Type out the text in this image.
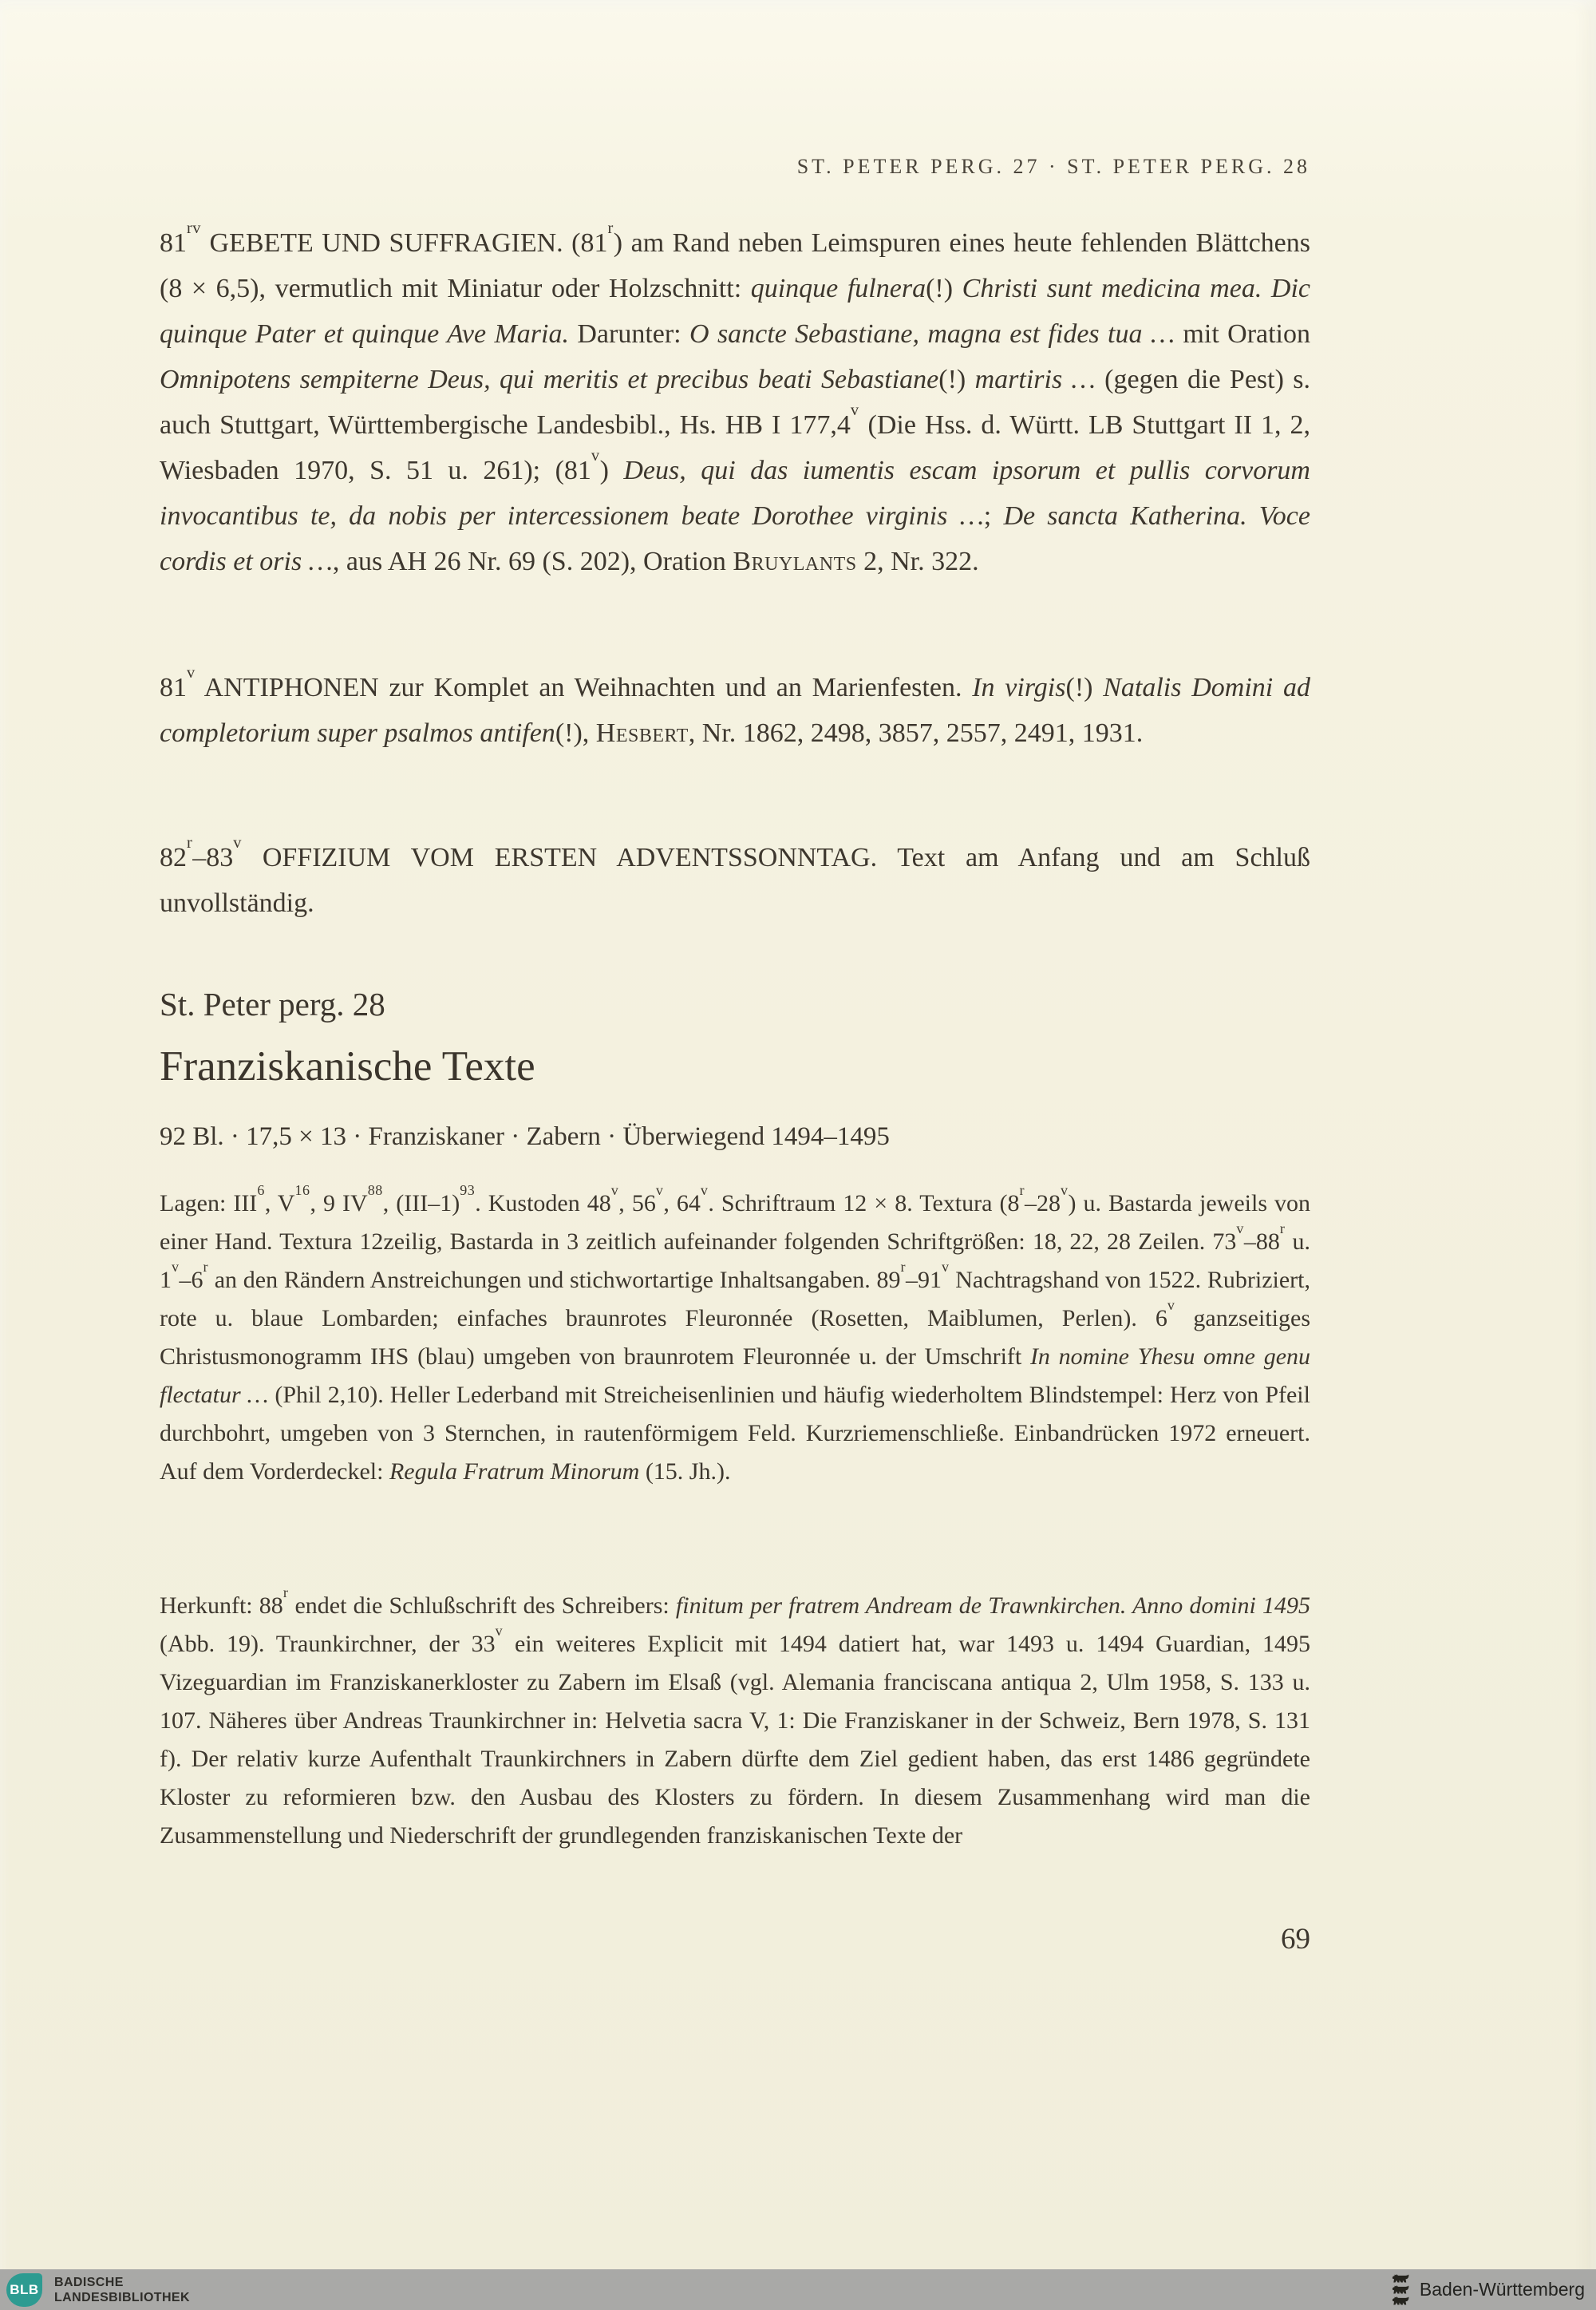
ST. PETER PERG. 27 · ST. PETER PERG. 28

$81^{rv}$ GEBETE UND SUFFRAGIEN. (81$^r$) am Rand neben Leimspuren eines heute fehlenden Blättchens (8 × 6,5), vermutlich mit Miniatur oder Holzschnitt: quinque fulnera(!) Christi sunt medicina mea. Dic quinque Pater et quinque Ave Maria. Darunter: O sancte Sebastiane, magna est fides tua … mit Oration Omnipotens sempiterne Deus, qui meritis et precibus beati Sebastiane(!) martiris … (gegen die Pest) s. auch Stuttgart, Württembergische Landesbibl., Hs. HB I 177,4$^v$ (Die Hss. d. Württ. LB Stuttgart II 1, 2, Wiesbaden 1970, S. 51 u. 261); (81$^v$) Deus, qui das iumentis escam ipsorum et pullis corvorum invocantibus te, da nobis per intercessionem beate Dorothee virginis …; De sancta Katherina. Voce cordis et oris …, aus AH 26 Nr. 69 (S. 202), Oration Bruylants 2, Nr. 322.

81$^v$ ANTIPHONEN zur Komplet an Weihnachten und an Marienfesten. In virgis(!) Natalis Domini ad completorium super psalmos antifen(!), Hesbert, Nr. 1862, 2498, 3857, 2557, 2491, 1931.

82$^r$–83$^v$ OFFIZIUM VOM ERSTEN ADVENTSSONNTAG. Text am Anfang und am Schluß unvollständig.

St. Peter perg. 28
Franziskanische Texte
92 Bl. · 17,5 × 13 · Franziskaner · Zabern · Überwiegend 1494–1495

Lagen: III$^6$, $V^{16}$, 9 IV$^{88}$, $(III-1)^{93}$. Kustoden 48$^v$, 56$^v$, 64$^v$. Schriftraum 12 × 8. Textura (8$^r$–28$^v$) u. Bastarda jeweils von einer Hand. Textura 12zeilig, Bastarda in 3 zeitlich aufeinander folgenden Schriftgrößen: 18, 22, 28 Zeilen. 73$^v$–88$^r$ u. 1$^v$–6$^r$ an den Rändern Anstreichungen und stichwortartige Inhaltsangaben. 89$^r$–91$^v$ Nachtragshand von 1522. Rubriziert, rote u. blaue Lombarden; einfaches braunrotes Fleuronnée (Rosetten, Maiblumen, Perlen). 6$^v$ ganzseitiges Christusmonogramm IHS (blau) umgeben von braunrotem Fleuronnée u. der Umschrift In nomine Yhesu omne genu flectatur … (Phil 2,10). Heller Lederband mit Streicheisenlinien und häufig wiederholtem Blindstempel: Herz von Pfeil durchbohrt, umgeben von 3 Sternchen, in rautenförmigem Feld. Kurzriemenschließe. Einbandrücken 1972 erneuert. Auf dem Vorderdeckel: Regula Fratrum Minorum (15. Jh.).

Herkunft: 88$^r$ endet die Schlußschrift des Schreibers: finitum per fratrem Andream de Trawnkirchen. Anno domini 1495 (Abb. 19). Traunkirchner, der 33$^v$ ein weiteres Explicit mit 1494 datiert hat, war 1493 u. 1494 Guardian, 1495 Vizeguardian im Franziskanerkloster zu Zabern im Elsaß (vgl. Alemania franciscana antiqua 2, Ulm 1958, S. 133 u. 107. Näheres über Andreas Traunkirchner in: Helvetia sacra V, 1: Die Franziskaner in der Schweiz, Bern 1978, S. 131 f). Der relativ kurze Aufenthalt Traunkirchners in Zabern dürfte dem Ziel gedient haben, das erst 1486 gegründete Kloster zu reformieren bzw. den Ausbau des Klosters zu fördern. In diesem Zusammenhang wird man die Zusammenstellung und Niederschrift der grundlegenden franziskanischen Texte der

69
BLB BADISCHE
LANDESBIBLIOTHEK	Baden-Württemberg
